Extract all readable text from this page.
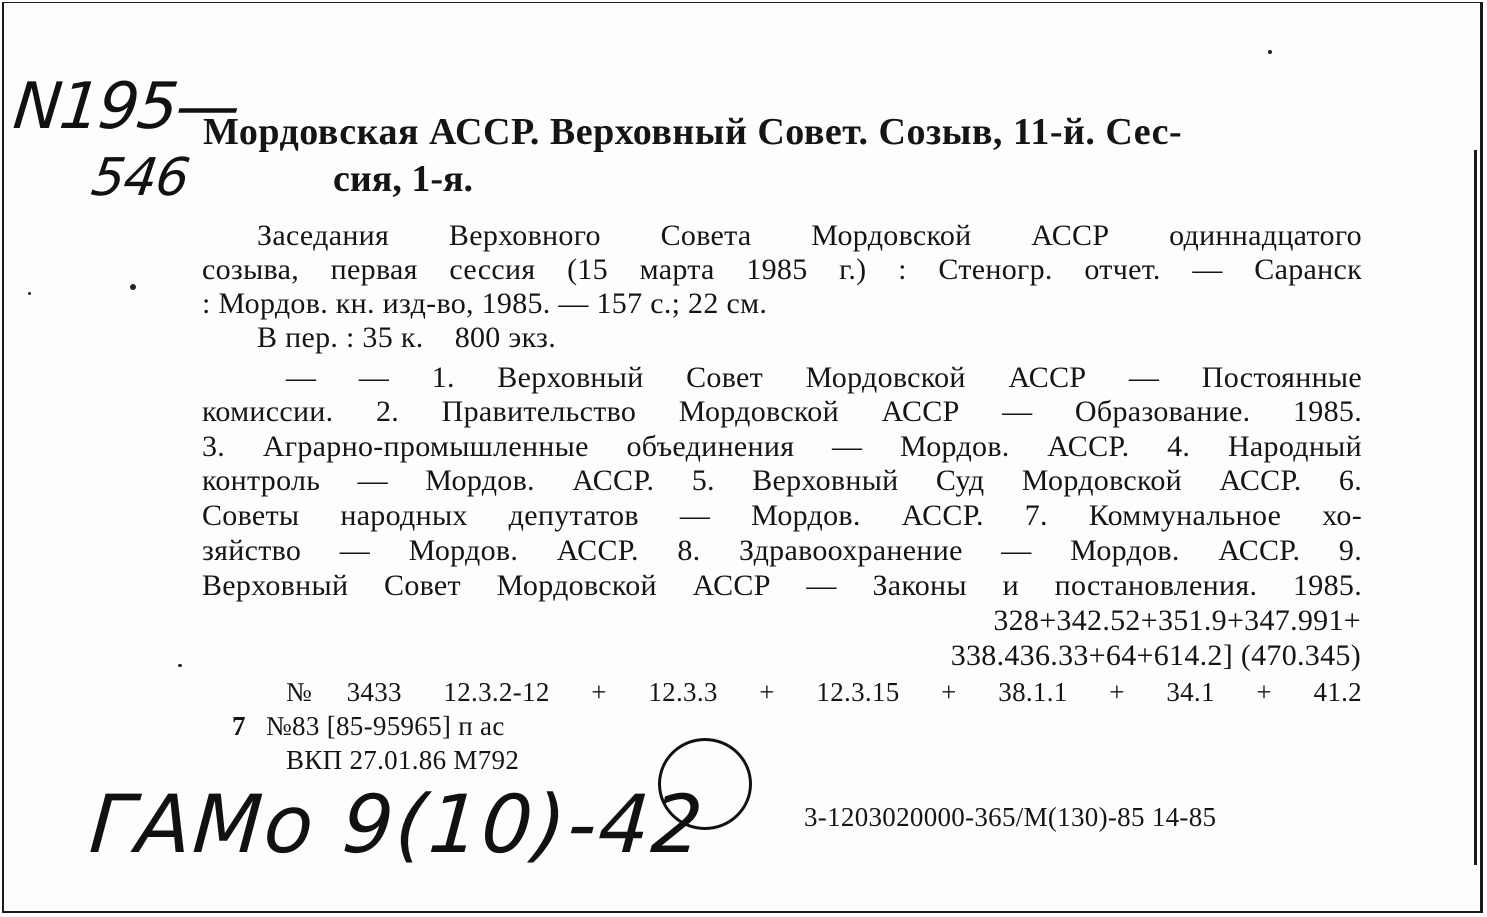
N195—
546
Мордовская АССР. Верховный Совет. Созыв, 11-й. Сес-
сия, 1-я.
Заседания Верховного Совета Мордовской АССР одиннадцатого
созыва, первая сессия (15 марта 1985 г.) : Стеногр. отчет. — Саранск
: Мордов. кн. изд-во, 1985. — 157 с.; 22 см.
В пер. : 35 к.    800 экз.
— — 1. Верховный Совет Мордовской АССР — Постоянные
комиссии. 2. Правительство Мордовской АССР — Образование. 1985.
3. Аграрно-промышленные объединения — Мордов. АССР. 4. Народный
контроль — Мордов. АССР. 5. Верховный Суд Мордовской АССР. 6.
Советы народных депутатов — Мордов. АССР. 7. Коммунальное хо-
зяйство — Мордов. АССР. 8. Здравоохранение — Мордов. АССР. 9.
Верховный Совет Мордовской АССР — Законы и постановления. 1985.
328+342.52+351.9+347.991+
338.436.33+64+614.2] (470.345)
№3433 12.3.2-12 + 12.3.3 + 12.3.15 + 38.1.1 + 34.1 + 41.2
7 №83 [85-95965] п ас
ВКП 27.01.86 М792
3-1203020000-365/М(130)-85 14-85
ГАМо 9(10)-42
